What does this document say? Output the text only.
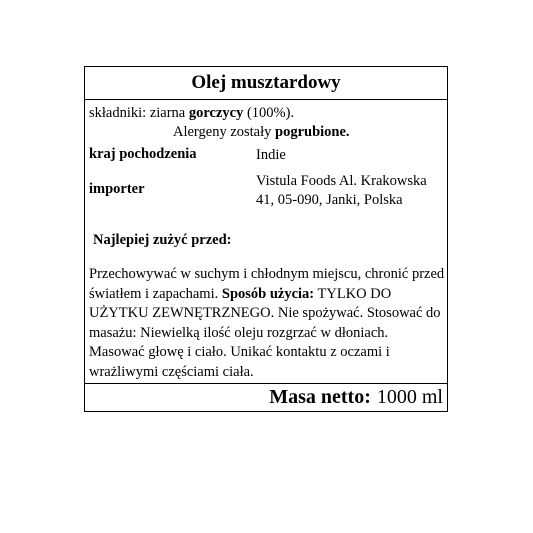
Olej musztardowy
składniki: ziarna gorczycy (100%).
Alergeny zostały pogrubione.
kraj pochodzenia	Indie
importer	Vistula Foods Al. Krakowska 41, 05-090, Janki, Polska
Najlepiej zużyć przed:
Przechowywać w suchym i chłodnym miejscu, chronić przed światłem i zapachami. Sposób użycia: TYLKO DO UŻYTKU ZEWNĘTRZNEGO. Nie spożywać. Stosować do masażu: Niewielką ilość oleju rozgrzać w dłoniach. Masować głowę i ciało. Unikać kontaktu z oczami i wrażliwymi częściami ciała.
Masa netto: 1000 ml
